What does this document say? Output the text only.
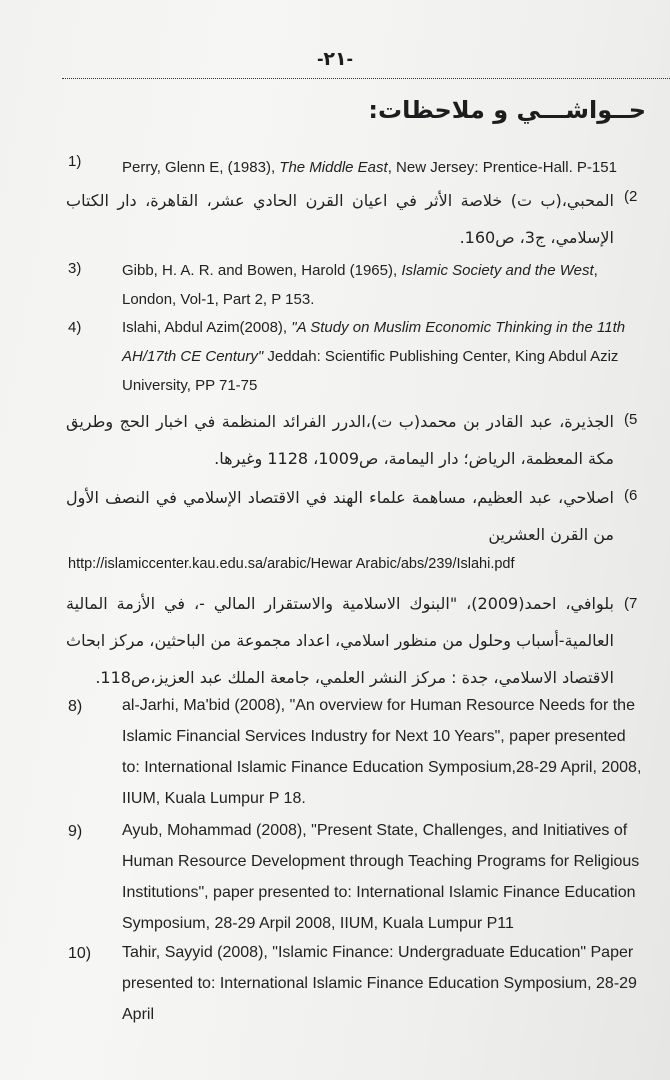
-٢١-
حــواشـــي و ملاحظات:
1)	Perry, Glenn E, (1983), The Middle East, New Jersey: Prentice-Hall. P-151
(2
المحبي،(ب ت) خلاصة الأثر في اعيان القرن الحادي عشر، القاهرة، دار الكتاب الإسلامي، ج3، ص160.
3)	Gibb, H. A. R. and Bowen, Harold (1965), Islamic Society and the West, London, Vol-1, Part 2, P 153.
4)	Islahi, Abdul Azim(2008), "A Study on Muslim Economic Thinking in the 11th AH/17th CE Century" Jeddah: Scientific Publishing Center, King Abdul Aziz University, PP 71-75
(5
الجذيرة، عبد القادر بن محمد(ب ت)،الدرر الفرائد المنظمة في اخبار الحج وطريق مكة المعظمة، الرياض؛ دار اليمامة، ص1009، 1128 وغيرها.
(6
اصلاحي، عبد العظيم، مساهمة علماء الهند في الاقتصاد الإسلامي في النصف الأول من القرن العشرين
http://islamiccenter.kau.edu.sa/arabic/Hewar Arabic/abs/239/Islahi.pdf
(7
بلوافي، احمد(2009)، "البنوك الاسلامية والاستقرار المالي -، في الأزمة المالية العالمية-أسباب وحلول من منظور اسلامي، اعداد مجموعة من الباحثين، مركز ابحاث الاقتصاد الاسلامي، جدة : مركز النشر العلمي، جامعة الملك عبد العزيز،ص118.
8) al-Jarhi, Ma'bid (2008), "An overview for Human Resource Needs for the Islamic Financial Services Industry for Next 10 Years", paper presented to: International Islamic Finance Education Symposium,28-29 April, 2008, IIUM, Kuala Lumpur P 18.
9) Ayub, Mohammad (2008), "Present State, Challenges, and Initiatives of Human Resource Development through Teaching Programs for Religious Institutions", paper presented to: International Islamic Finance Education Symposium, 28-29 Arpil 2008, IIUM, Kuala Lumpur P11
10) Tahir, Sayyid (2008), "Islamic Finance: Undergraduate Education" Paper presented to: International Islamic Finance Education Symposium, 28-29 April
